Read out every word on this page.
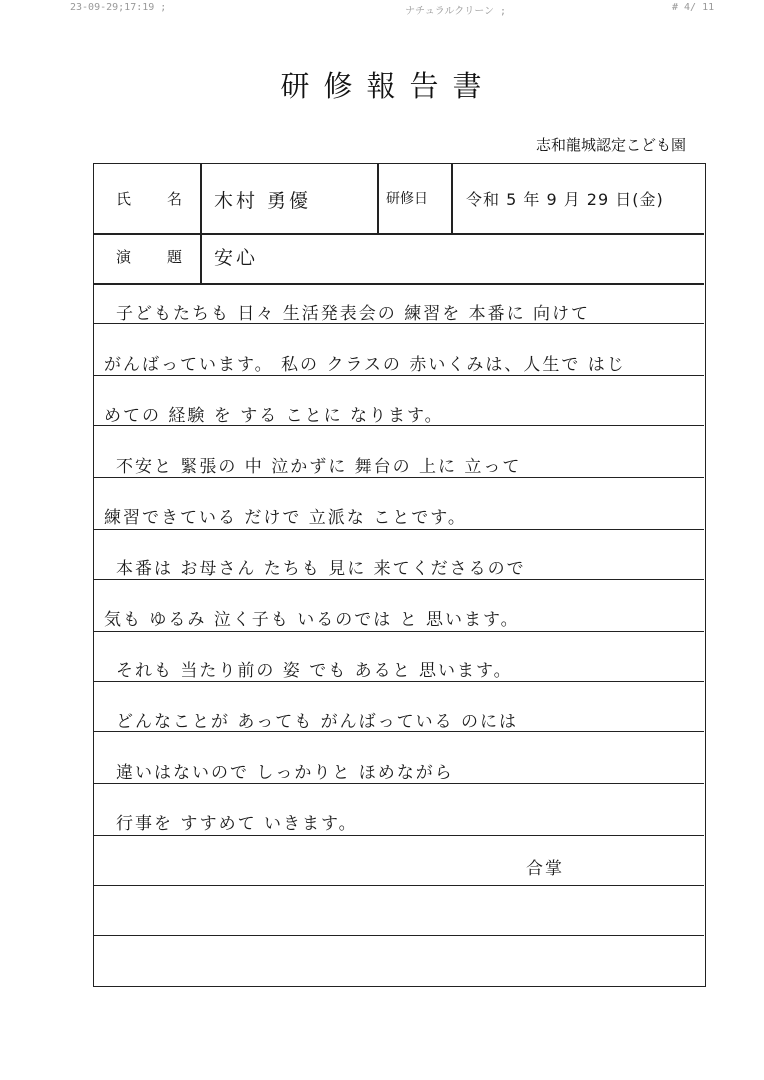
23-09-29;17:19 ;	ナチュラルクリーン ;	# 4/ 11
研修報告書
志和龍城認定こども園
氏　　名 木村 勇優	研修日 令和 5 年 9 月 29 日(金)
演　　題 安心
子どもたちも 日々 生活発表会の 練習を 本番に 向けて
がんばっています。 私の クラスの 赤いくみは、人生で はじ
めての 経験 を する ことに なります。
不安と 緊張の 中 泣かずに 舞台の 上に 立って
練習できている だけで 立派な ことです。
本番は お母さん たちも 見に 来てくださるので
気も ゆるみ 泣く子も いるのでは と 思います。
それも 当たり前の 姿 でも あると 思います。
どんなことが あっても がんばっている のには
違いはないので しっかりと ほめながら
行事を すすめて いきます。
合掌
